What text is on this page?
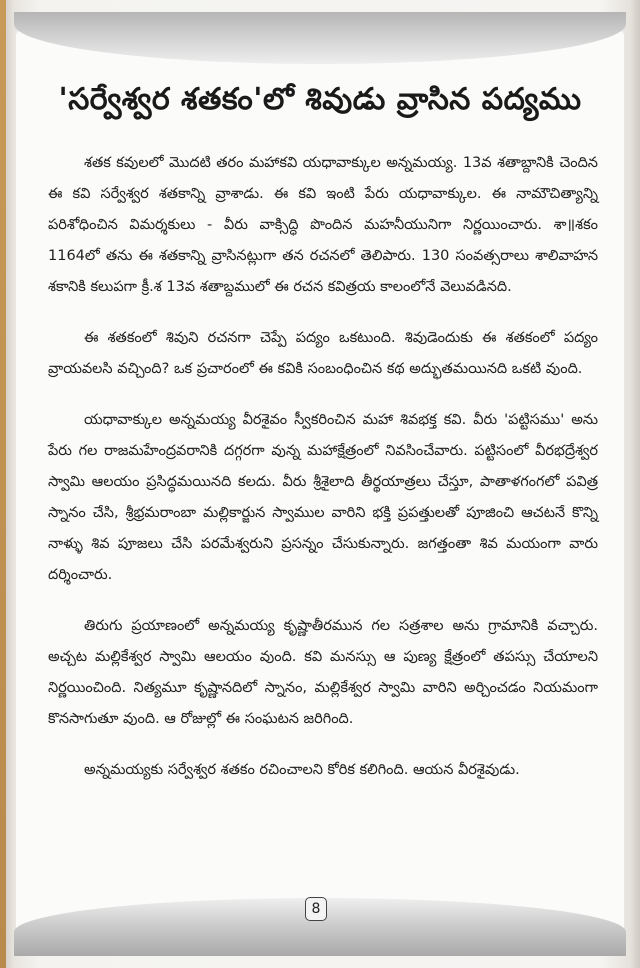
'సర్వేశ్వర శతకం'లో శివుడు వ్రాసిన పద్యము

శతక కవులలో మొదటి తరం మహాకవి యధావాక్కుల అన్నమయ్య. 13వ శతాబ్దానికి చెందిన ఈ కవి సర్వేశ్వర శతకాన్ని వ్రాశాడు. ఈ కవి ఇంటి పేరు యధావాక్కుల. ఈ నామౌచిత్యాన్ని పరిశోధించిన విమర్శకులు - వీరు వాక్సిద్ధి పొందిన మహనీయునిగా నిర్ణయించారు. శా॥శకం 1164లో తను ఈ శతకాన్ని వ్రాసినట్లుగా తన రచనలో తెలిపారు. 130 సంవత్సరాలు శాలివాహన శకానికి కలుపగా క్రీ.శ 13వ శతాబ్దములో ఈ రచన కవిత్రయ కాలంలోనే వెలువడినది.

ఈ శతకంలో శివుని రచనగా చెప్పే పద్యం ఒకటుంది. శివుడెందుకు ఈ శతకంలో పద్యం వ్రాయవలసి వచ్చింది? ఒక ప్రచారంలో ఈ కవికి సంబంధించిన కథ అద్భుతమయినది ఒకటి వుంది.

యధావాక్కుల అన్నమయ్య వీరశైవం స్వీకరించిన మహా శివభక్త కవి. వీరు 'పట్టిసము' అను పేరు గల రాజమహేంద్రవరానికి దగ్గరగా వున్న మహాక్షేత్రంలో నివసించేవారు. పట్టిసంలో వీరభద్రేశ్వర స్వామి ఆలయం ప్రసిద్ధమయినది కలదు. వీరు శ్రీశైలాది తీర్థయాత్రలు చేస్తూ, పాతాళగంగలో పవిత్ర స్నానం చేసి, శ్రీభ్రమరాంబా మల్లికార్జున స్వాముల వారిని భక్తి ప్రపత్తులతో పూజించి ఆచటనే కొన్ని నాళ్ళు శివ పూజలు చేసి పరమేశ్వరుని ప్రసన్నం చేసుకున్నారు. జగత్తంతా శివ మయంగా వారు దర్శించారు.

తిరుగు ప్రయాణంలో అన్నమయ్య కృష్ణాతీరమున గల సత్రశాల అను గ్రామానికి వచ్చారు. అచ్చట మల్లికేశ్వర స్వామి ఆలయం వుంది. కవి మనస్సు ఆ పుణ్య క్షేత్రంలో తపస్సు చేయాలని నిర్ణయించింది. నిత్యమూ కృష్ణానదిలో స్నానం, మల్లికేశ్వర స్వామి వారిని అర్చించడం నియమంగా కొనసాగుతూ వుంది. ఆ రోజుల్లో ఈ సంఘటన జరిగింది.

అన్నమయ్యకు సర్వేశ్వర శతకం రచించాలని కోరిక కలిగింది. ఆయన వీరశైవుడు.

8
